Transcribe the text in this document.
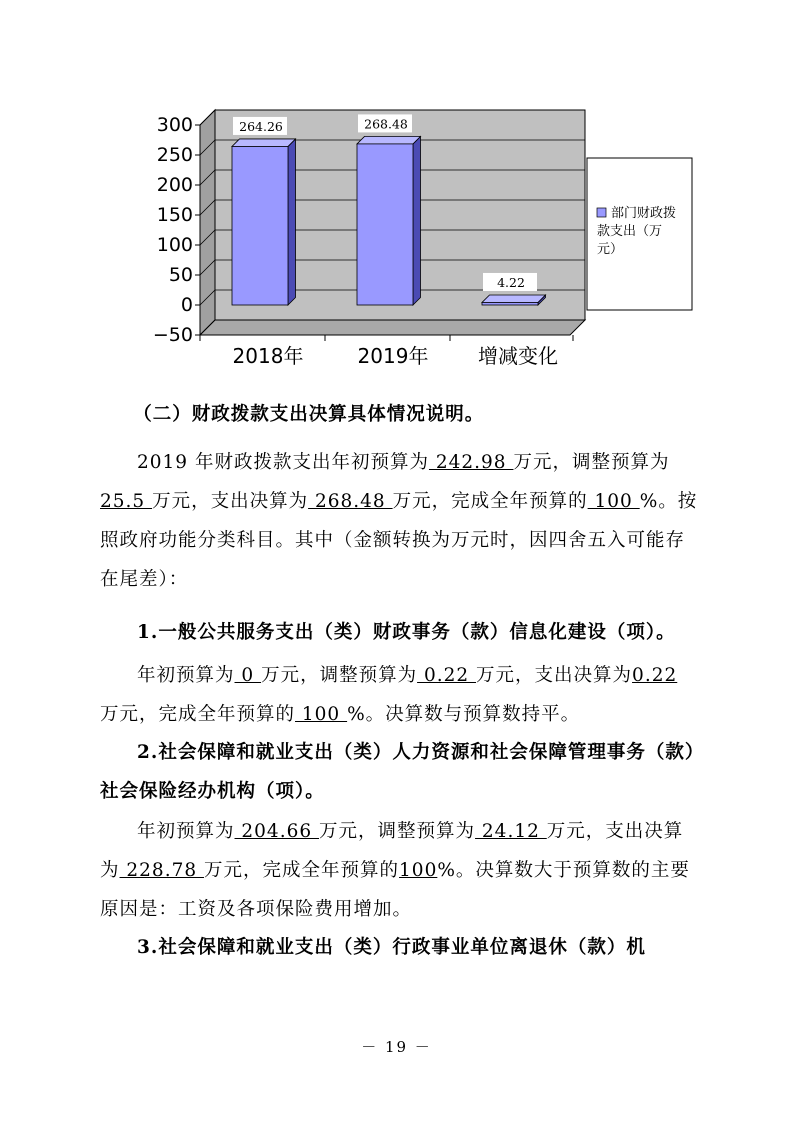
264.26	268.48
4.22
300
250
200
150
100
50
0
−50
2018年	2019年 增减变化
部门财政拨
款支出（万
元）

（二）财政拨款支出决算具体情况说明。

2019 年财政拨款支出年初预算为 242.98 万元，调整预算为 25.5 万元，支出决算为 268.48 万元，完成全年预算的 100 %。按照政府功能分类科目。其中（金额转换为万元时，因四舍五入可能存在尾差）：

1.一般公共服务支出（类）财政事务（款）信息化建设（项）。

年初预算为 0 万元，调整预算为 0.22 万元，支出决算为0.22 万元，完成全年预算的 100 %。决算数与预算数持平。

2.社会保障和就业支出（类）人力资源和社会保障管理事务（款）社会保险经办机构（项）。

年初预算为 204.66 万元，调整预算为 24.12 万元，支出决算为 228.78 万元，完成全年预算的100%。决算数大于预算数的主要原因是：工资及各项保险费用增加。

3.社会保障和就业支出（类）行政事业单位离退休（款）机

－ 19 －
